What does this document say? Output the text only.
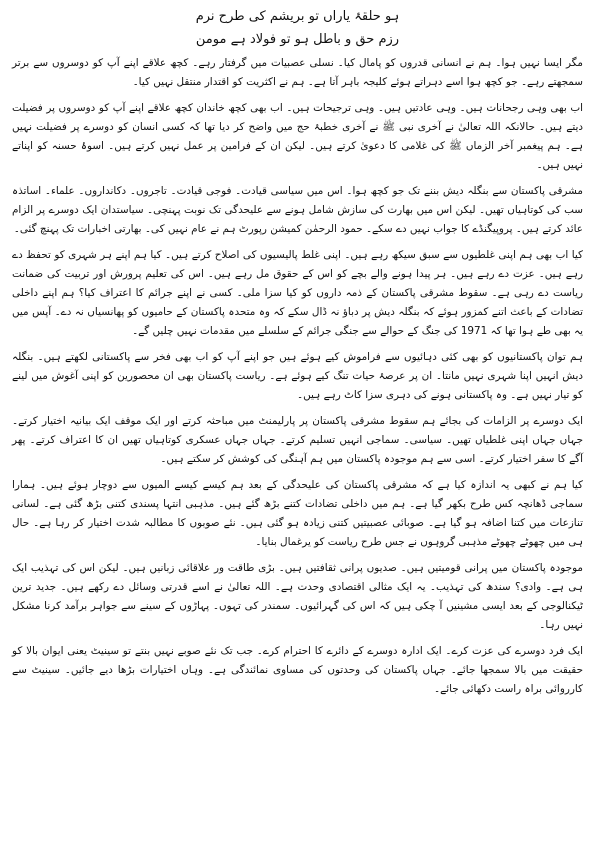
ہو حلقۂ یاراں تو بریشم کی طرح نرم

رزم حق و باطل ہو تو فولاد ہے مومن

مگر ایسا نہیں ہوا۔ ہم نے انسانی قدروں کو پامال کیا۔ نسلی عصبیات میں گرفتار رہے۔ کچھ علاقے اپنے آپ کو دوسروں سے برتر سمجھتے رہے۔ جو کچھ ہوا اسے دہراتے ہوئے کلیجہ باہر آتا ہے۔ ہم نے اکثریت کو اقتدار منتقل نہیں کیا۔

اب بھی وہی رجحانات ہیں۔ وہی عادتیں ہیں۔ وہی ترجیحات ہیں۔ اب بھی کچھ خاندان کچھ علاقے اپنے آپ کو دوسروں پر فضیلت دیتے ہیں۔ حالانکہ اللہ تعالیٰ نے آخری نبی ﷺ نے آخری خطبۂ حج میں واضح کر دیا تھا کہ کسی انسان کو دوسرے پر فضیلت نہیں ہے۔ ہم پیغمبر آخر الزماں ﷺ کی غلامی کا دعویٰ کرتے ہیں۔ لیکن ان کے فرامین پر عمل نہیں کرتے ہیں۔ اسوۂ حسنہ کو اپناتے نہیں ہیں۔

مشرقی پاکستان سے بنگلہ دیش بننے تک جو کچھ ہوا۔ اس میں سیاسی قیادت۔ فوجی قیادت۔ تاجروں۔ دکانداروں۔ علماء۔ اساتذہ سب کی کوتاہیاں تھیں۔ لیکن اس میں بھارت کی سازش شامل ہونے سے علیحدگی تک نوبت پہنچی۔ سیاستدان ایک دوسرے پر الزام عائد کرتے ہیں۔ پروپیگنڈے کا جواب نہیں دے سکے۔ حمود الرحمٰن کمیشن رپورٹ ہم نے عام نہیں کی۔ بھارتی اخبارات تک پہنچ گئی۔

کیا اب بھی ہم اپنی غلطیوں سے سبق سیکھ رہے ہیں۔ اپنی غلط پالیسیوں کی اصلاح کرتے ہیں۔ کیا ہم اپنے ہر شہری کو تحفظ دے رہے ہیں۔ عزت دے رہے ہیں۔ ہر پیدا ہونے والے بچے کو اس کے حقوق مل رہے ہیں۔ اس کی تعلیم پرورش اور تربیت کی ضمانت ریاست دے رہی ہے۔ سقوط مشرقی پاکستان کے ذمہ داروں کو کیا سزا ملی۔ کسی نے اپنے جرائم کا اعتراف کیا؟ ہم اپنے داخلی تضادات کے باعث اتنے کمزور ہوئے کہ بنگلہ دیش پر دباؤ نہ ڈال سکے کہ وہ متحدہ پاکستان کے حامیوں کو پھانسیاں نہ دے۔ آپس میں یہ بھی طے ہوا تھا کہ 1971 کی جنگ کے حوالے سے جنگی جرائم کے سلسلے میں مقدمات نہیں چلیں گے۔

ہم توان پاکستانیوں کو بھی کئی دہائیوں سے فراموش کیے ہوئے ہیں جو اپنے آپ کو اب بھی فخر سے پاکستانی لکھتے ہیں۔ بنگلہ دیش انہیں اپنا شہری نہیں مانتا۔ ان پر عرصۂ حیات تنگ کیے ہوئے ہے۔ ریاست پاکستان بھی ان محصورین کو اپنی آغوش میں لینے کو تیار نہیں ہے۔ وہ پاکستانی ہونے کی دہری سزا کاٹ رہے ہیں۔

ایک دوسرے پر الزامات کی بجائے ہم سقوط مشرقی پاکستان پر پارلیمنٹ میں مباحثہ کرتے اور ایک موقف ایک بیانیہ اختیار کرتے۔ جہاں جہاں اپنی غلطیاں تھیں۔ سیاسی۔ سماجی انہیں تسلیم کرتے۔ جہاں جہاں عسکری کوتاہیاں تھیں ان کا اعتراف کرتے۔ پھر آگے کا سفر اختیار کرتے۔ اسی سے ہم موجودہ پاکستان میں ہم آہنگی کی کوشش کر سکتے ہیں۔

کیا ہم نے کبھی یہ اندازہ کیا ہے کہ مشرقی پاکستان کی علیحدگی کے بعد ہم کیسے کیسے المیوں سے دوچار ہوئے ہیں۔ ہمارا سماجی ڈھانچہ کس طرح بکھر گیا ہے۔ ہم میں داخلی تضادات کتنے بڑھ گئے ہیں۔ مذہبی انتہا پسندی کتنی بڑھ گئی ہے۔ لسانی تنازعات میں کتنا اضافہ ہو گیا ہے۔ صوبائی عصبیتیں کتنی زیادہ ہو گئی ہیں۔ نئے صوبوں کا مطالبہ شدت اختیار کر رہا ہے۔ حال ہی میں چھوٹے چھوٹے مذہبی گروہوں نے جس طرح ریاست کو یرغمال بنایا۔

موجودہ پاکستان میں پرانی قومیتیں ہیں۔ صدیوں پرانی ثقافتیں ہیں۔ بڑی طاقت ور علاقائی زبانیں ہیں۔ لیکن اس کی تہذیب ایک ہی ہے۔ وادی؟ سندھ کی تہذیب۔ یہ ایک مثالی اقتصادی وحدت ہے۔ اللہ تعالیٰ نے اسے قدرتی وسائل دے رکھے ہیں۔ جدید ترین ٹیکنالوجی کے بعد ایسی مشینیں آ چکی ہیں کہ اس کی گہرائیوں۔ سمندر کی تہوں۔ پہاڑوں کے سینے سے جواہر برآمد کرنا مشکل نہیں رہا۔

ایک فرد دوسرے کی عزت کرے۔ ایک ادارہ دوسرے کے دائرے کا احترام کرے۔ جب تک نئے صوبے نہیں بنتے تو سینیٹ یعنی ایوان بالا کو حقیقت میں بالا سمجھا جائے۔ جہاں پاکستان کی وحدتوں کی مساوی نمائندگی ہے۔ وہاں اختیارات بڑھا دیے جائیں۔ سینیٹ سے کارروائی براہ راست دکھائی جائے۔
